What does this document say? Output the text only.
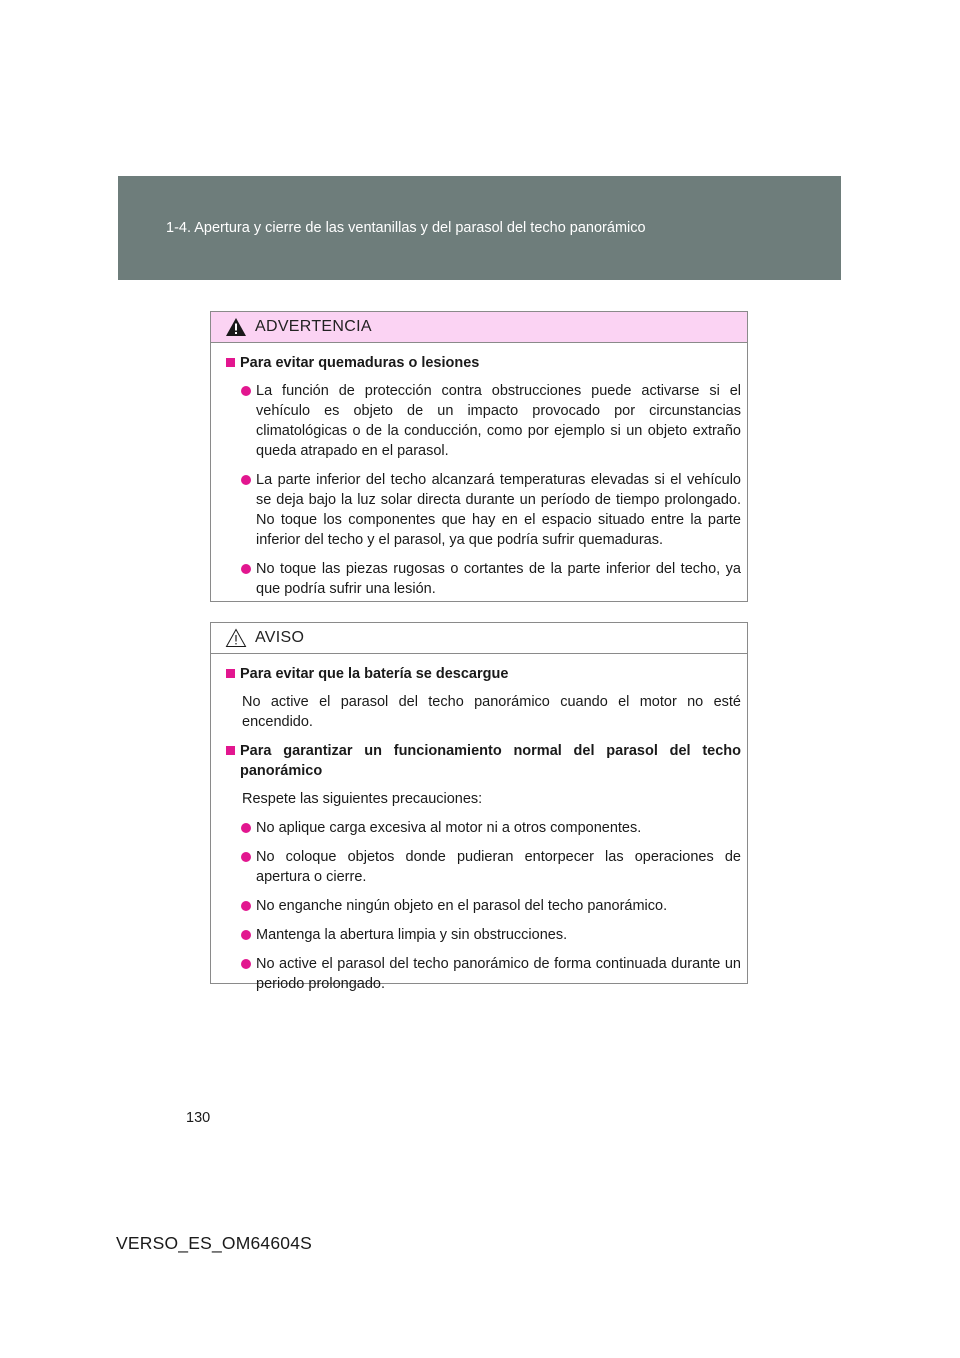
1-4. Apertura y cierre de las ventanillas y del parasol del techo panorámico
ADVERTENCIA
Para evitar quemaduras o lesiones
La función de protección contra obstrucciones puede activarse si el vehículo es objeto de un impacto provocado por circunstancias climatológicas o de la conducción, como por ejemplo si un objeto extraño queda atrapado en el parasol.
La parte inferior del techo alcanzará temperaturas elevadas si el vehículo se deja bajo la luz solar directa durante un período de tiempo prolongado. No toque los componentes que hay en el espacio situado entre la parte inferior del techo y el parasol, ya que podría sufrir quemaduras.
No toque las piezas rugosas o cortantes de la parte inferior del techo, ya que podría sufrir una lesión.
AVISO
Para evitar que la batería se descargue
No active el parasol del techo panorámico cuando el motor no esté encendido.
Para garantizar un funcionamiento normal del parasol del techo panorámico
Respete las siguientes precauciones:
No aplique carga excesiva al motor ni a otros componentes.
No coloque objetos donde pudieran entorpecer las operaciones de apertura o cierre.
No enganche ningún objeto en el parasol del techo panorámico.
Mantenga la abertura limpia y sin obstrucciones.
No active el parasol del techo panorámico de forma continuada durante un periodo prolongado.
130
VERSO_ES_OM64604S
